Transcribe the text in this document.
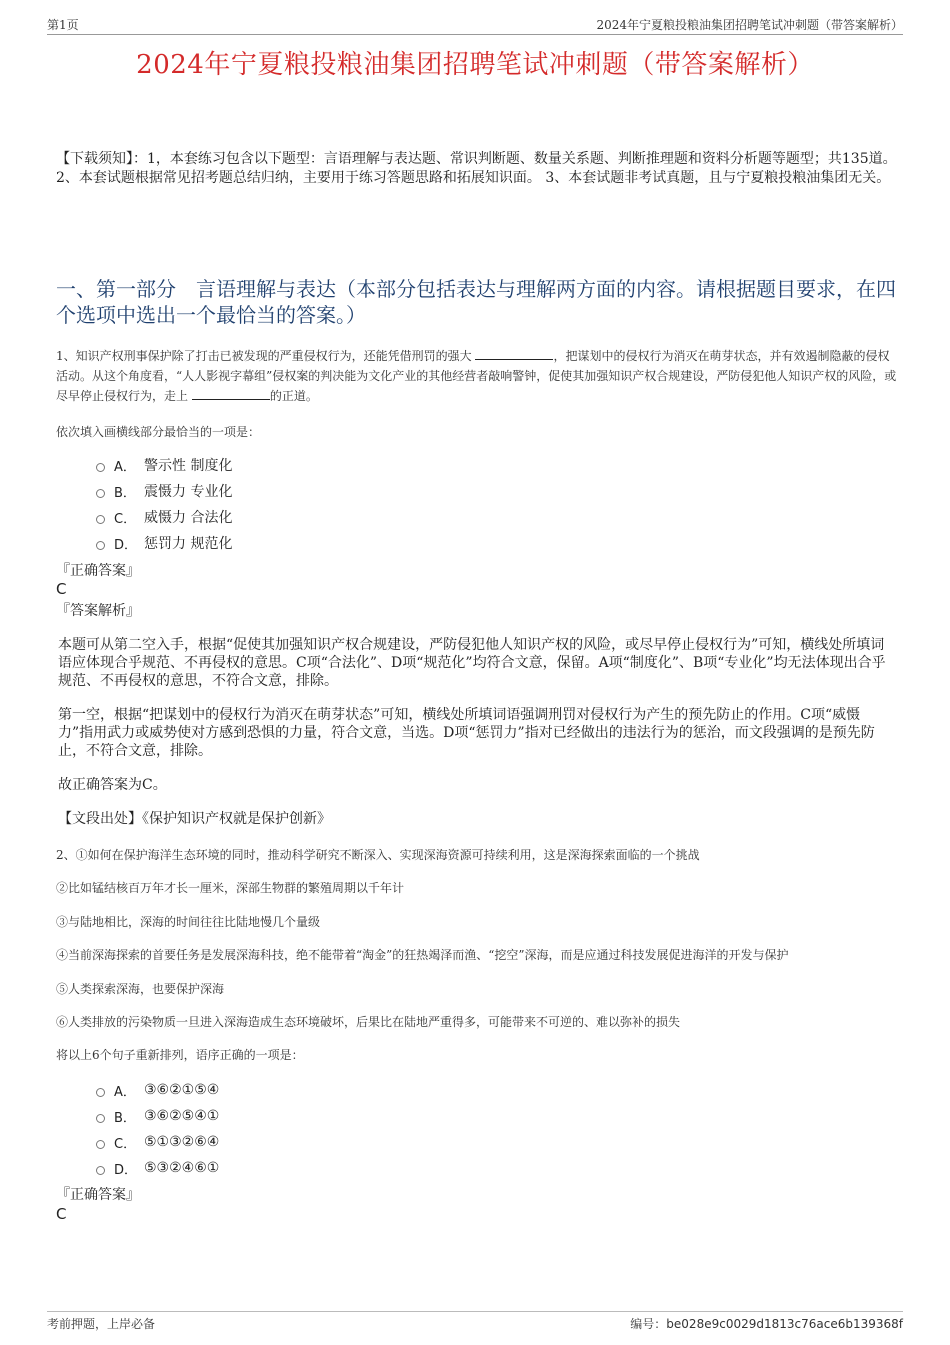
第1页	2024年宁夏粮投粮油集团招聘笔试冲刺题（带答案解析）
2024年宁夏粮投粮油集团招聘笔试冲刺题（带答案解析）
【下载须知】：1，本套练习包含以下题型：言语理解与表达题、常识判断题、数量关系题、判断推理题和资料分析题等题型；共135道。 2、本套试题根据常见招考题总结归纳，主要用于练习答题思路和拓展知识面。 3、本套试题非考试真题，且与宁夏粮投粮油集团无关。
一、第一部分　言语理解与表达（本部分包括表达与理解两方面的内容。请根据题目要求，在四个选项中选出一个最恰当的答案。）
1、知识产权刑事保护除了打击已被发现的严重侵权行为，还能凭借刑罚的强大	，把谋划中的侵权行为消灭在萌芽状态，并有效遏制隐蔽的侵权活动。从这个角度看，“人人影视字幕组”侵权案的判决能为文化产业的其他经营者敲响警钟，促使其加强知识产权合规建设，严防侵犯他人知识产权的风险，或尽早停止侵权行为，走上	的正道。
依次填入画横线部分最恰当的一项是：
A． 警示性 制度化
B． 震慑力 专业化
C． 威慑力 合法化
D． 惩罚力 规范化
『正确答案』
C
『答案解析』
本题可从第二空入手，根据“促使其加强知识产权合规建设，严防侵犯他人知识产权的风险，或尽早停止侵权行为”可知，横线处所填词语应体现合乎规范、不再侵权的意思。C项“合法化”、D项“规范化”均符合文意，保留。A项“制度化”、B项“专业化”均无法体现出合乎规范、不再侵权的意思，不符合文意，排除。
第一空，根据“把谋划中的侵权行为消灭在萌芽状态”可知，横线处所填词语强调刑罚对侵权行为产生的预先防止的作用。C项“威慑力”指用武力或威势使对方感到恐惧的力量，符合文意，当选。D项“惩罚力”指对已经做出的违法行为的惩治，而文段强调的是预先防止，不符合文意，排除。
故正确答案为C。
【文段出处】《保护知识产权就是保护创新》
2、①如何在保护海洋生态环境的同时，推动科学研究不断深入、实现深海资源可持续利用，这是深海探索面临的一个挑战
②比如锰结核百万年才长一厘米，深部生物群的繁殖周期以千年计
③与陆地相比，深海的时间往往比陆地慢几个量级
④当前深海探索的首要任务是发展深海科技，绝不能带着“淘金”的狂热竭泽而渔、“挖空”深海，而是应通过科技发展促进海洋的开发与保护
⑤人类探索深海，也要保护深海
⑥人类排放的污染物质一旦进入深海造成生态环境破坏，后果比在陆地严重得多，可能带来不可逆的、难以弥补的损失
将以上6个句子重新排列，语序正确的一项是：
A． ③⑥②①⑤④
B． ③⑥②⑤④①
C． ⑤①③②⑥④
D． ⑤③②④⑥①
『正确答案』
C
考前押题，上岸必备	编号：be028e9c0029d1813c76ace6b139368f
